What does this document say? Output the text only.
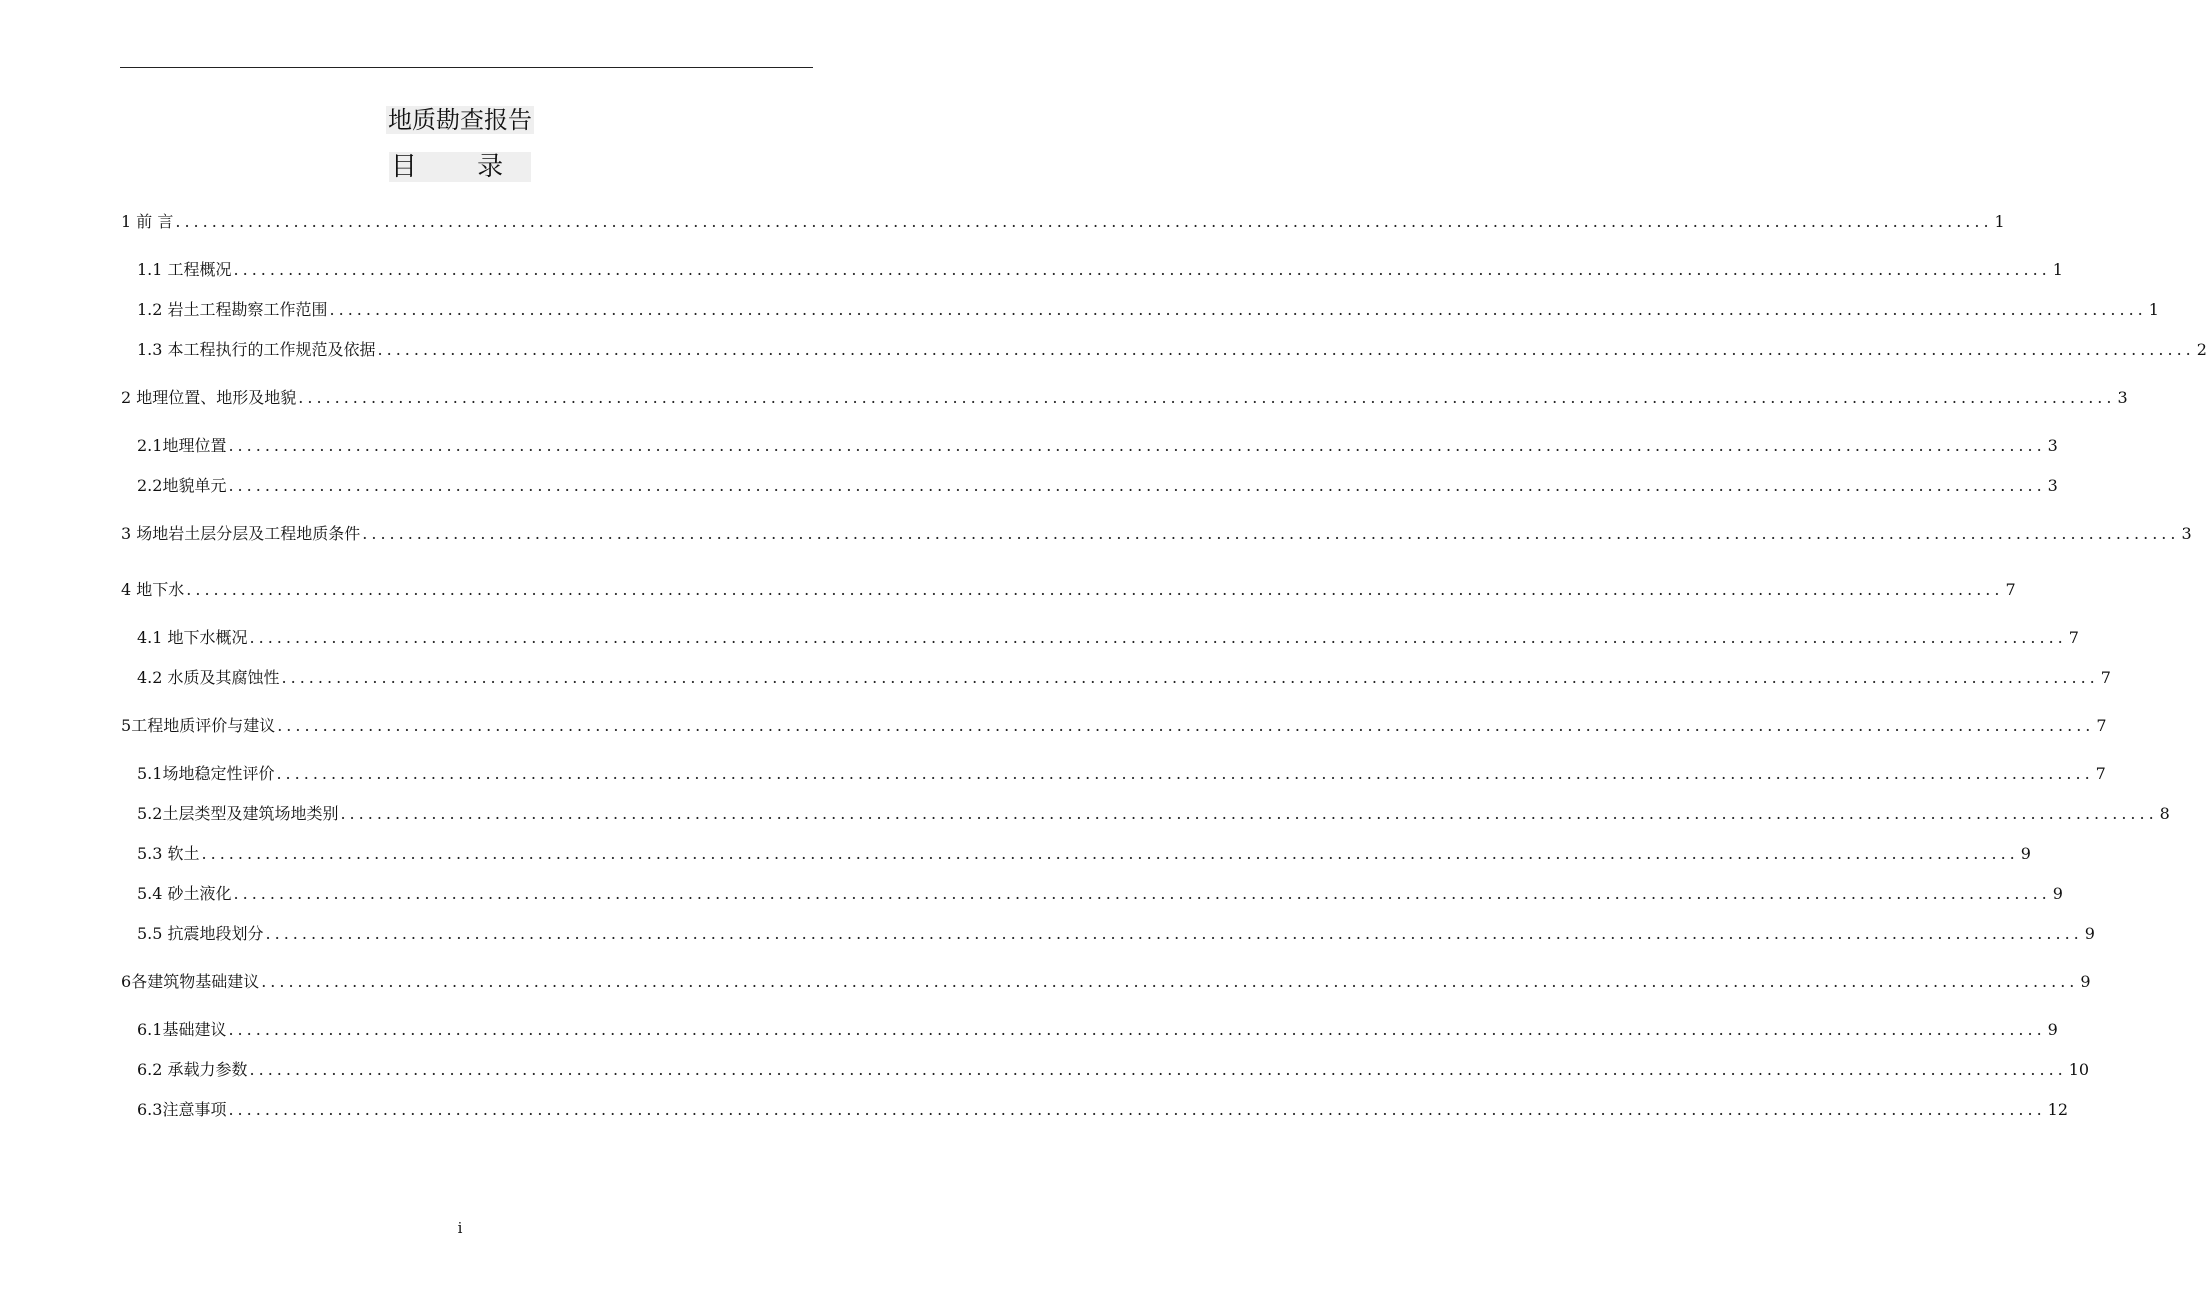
地质勘查报告
目 录
1 前 言 ........................................................................................................................................................................................................ 1
1.1 工程概况 ........................................................................................................................................................................................................ 1
1.2 岩土工程勘察工作范围 ........................................................................................................................................................................................................ 1
1.3 本工程执行的工作规范及依据 ........................................................................................................................................................................................................ 2
2 地理位置、地形及地貌 ........................................................................................................................................................................................................ 3
2.1 地理位置 ........................................................................................................................................................................................................ 3
2.2 地貌单元 ........................................................................................................................................................................................................ 3
3 场地岩土层分层及工程地质条件 ........................................................................................................................................................................................................ 3
4 地下水 ........................................................................................................................................................................................................ 7
4.1 地下水概况 ........................................................................................................................................................................................................ 7
4.2 水质及其腐蚀性 ........................................................................................................................................................................................................ 7
5 工程地质评价与建议 ........................................................................................................................................................................................................ 7
5.1 场地稳定性评价 ........................................................................................................................................................................................................ 7
5.2 土层类型及建筑场地类别 ........................................................................................................................................................................................................ 8
5.3 软土 ........................................................................................................................................................................................................ 9
5.4 砂土液化 ........................................................................................................................................................................................................ 9
5.5 抗震地段划分 ........................................................................................................................................................................................................ 9
6 各建筑物基础建议 ........................................................................................................................................................................................................ 9
6.1 基础建议 ........................................................................................................................................................................................................ 9
6.2 承载力参数 ........................................................................................................................................................................................................ 10
6.3 注意事项 ........................................................................................................................................................................................................ 12
i
